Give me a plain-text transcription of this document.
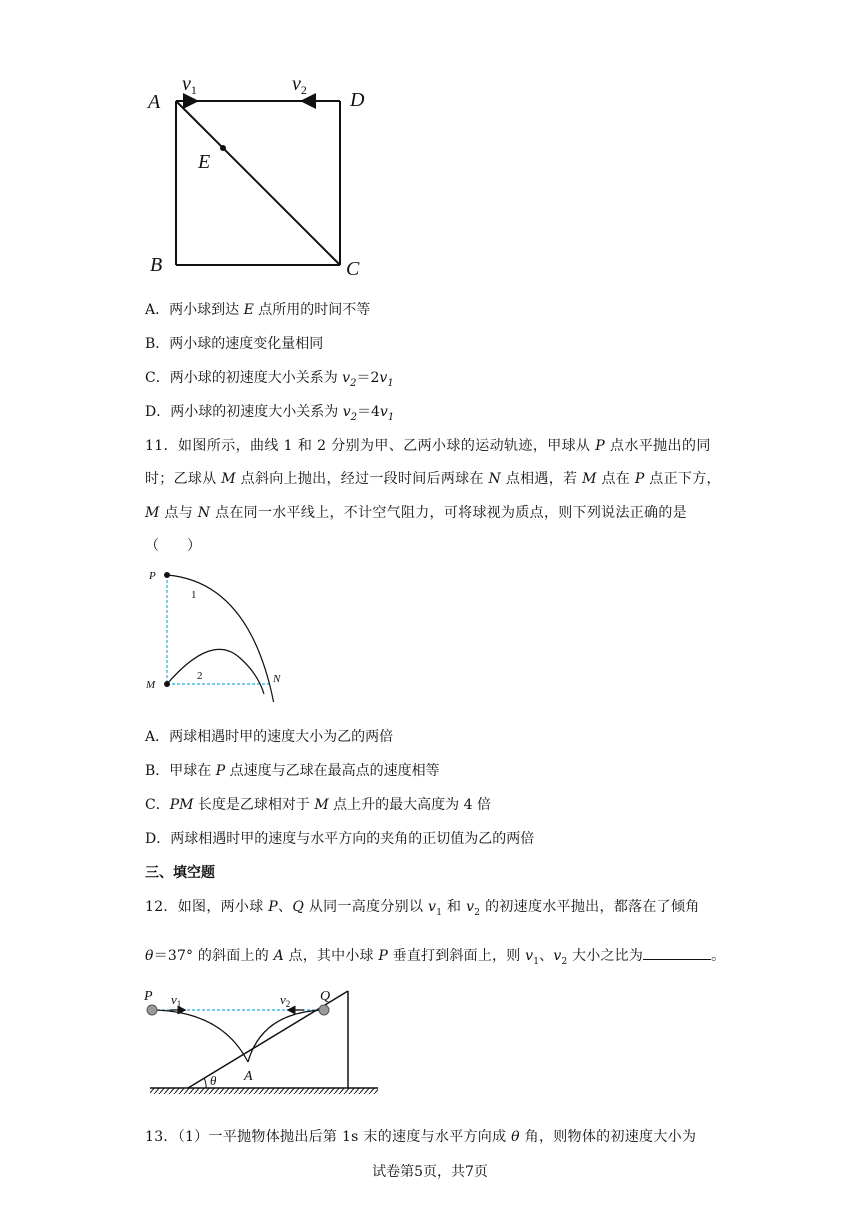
A
B	C
D
E
$v_1$	$v_2$
A．两小球到达 E 点所用的时间不等
B．两小球的速度变化量相同
C．两小球的初速度大小关系为 $v_2=2v_1$
D．两小球的初速度大小关系为 $v_2=4v_1$
11．如图所示，曲线 1 和 2 分别为甲、乙两小球的运动轨迹，甲球从 P 点水平抛出的同
时；乙球从 M 点斜向上抛出，经过一段时间后两球在 N 点相遇，若 M 点在 P 点正下方，
M 点与 N 点在同一水平线上，不计空气阻力，可将球视为质点，则下列说法正确的是
（　　）
P
M	N
1
2
A．两球相遇时甲的速度大小为乙的两倍
B．甲球在 P 点速度与乙球在最高点的速度相等
C．PM 长度是乙球相对于 M 点上升的最大高度为 4 倍
D．两球相遇时甲的速度与水平方向的夹角的正切值为乙的两倍
三、填空题
12．如图，两小球 P、Q 从同一高度分别以 $v_1$ 和 $v_2$ 的初速度水平抛出，都落在了倾角
θ＝37° 的斜面上的 A 点，其中小球 P 垂直打到斜面上，则 $v_1$、$v_2$ 大小之比为	。
P	Q
A
θ
$v_1$	$v_2$
13．（1）一平抛物体抛出后第 1s 末的速度与水平方向成 θ 角，则物体的初速度大小为
试卷第5页，共7页
